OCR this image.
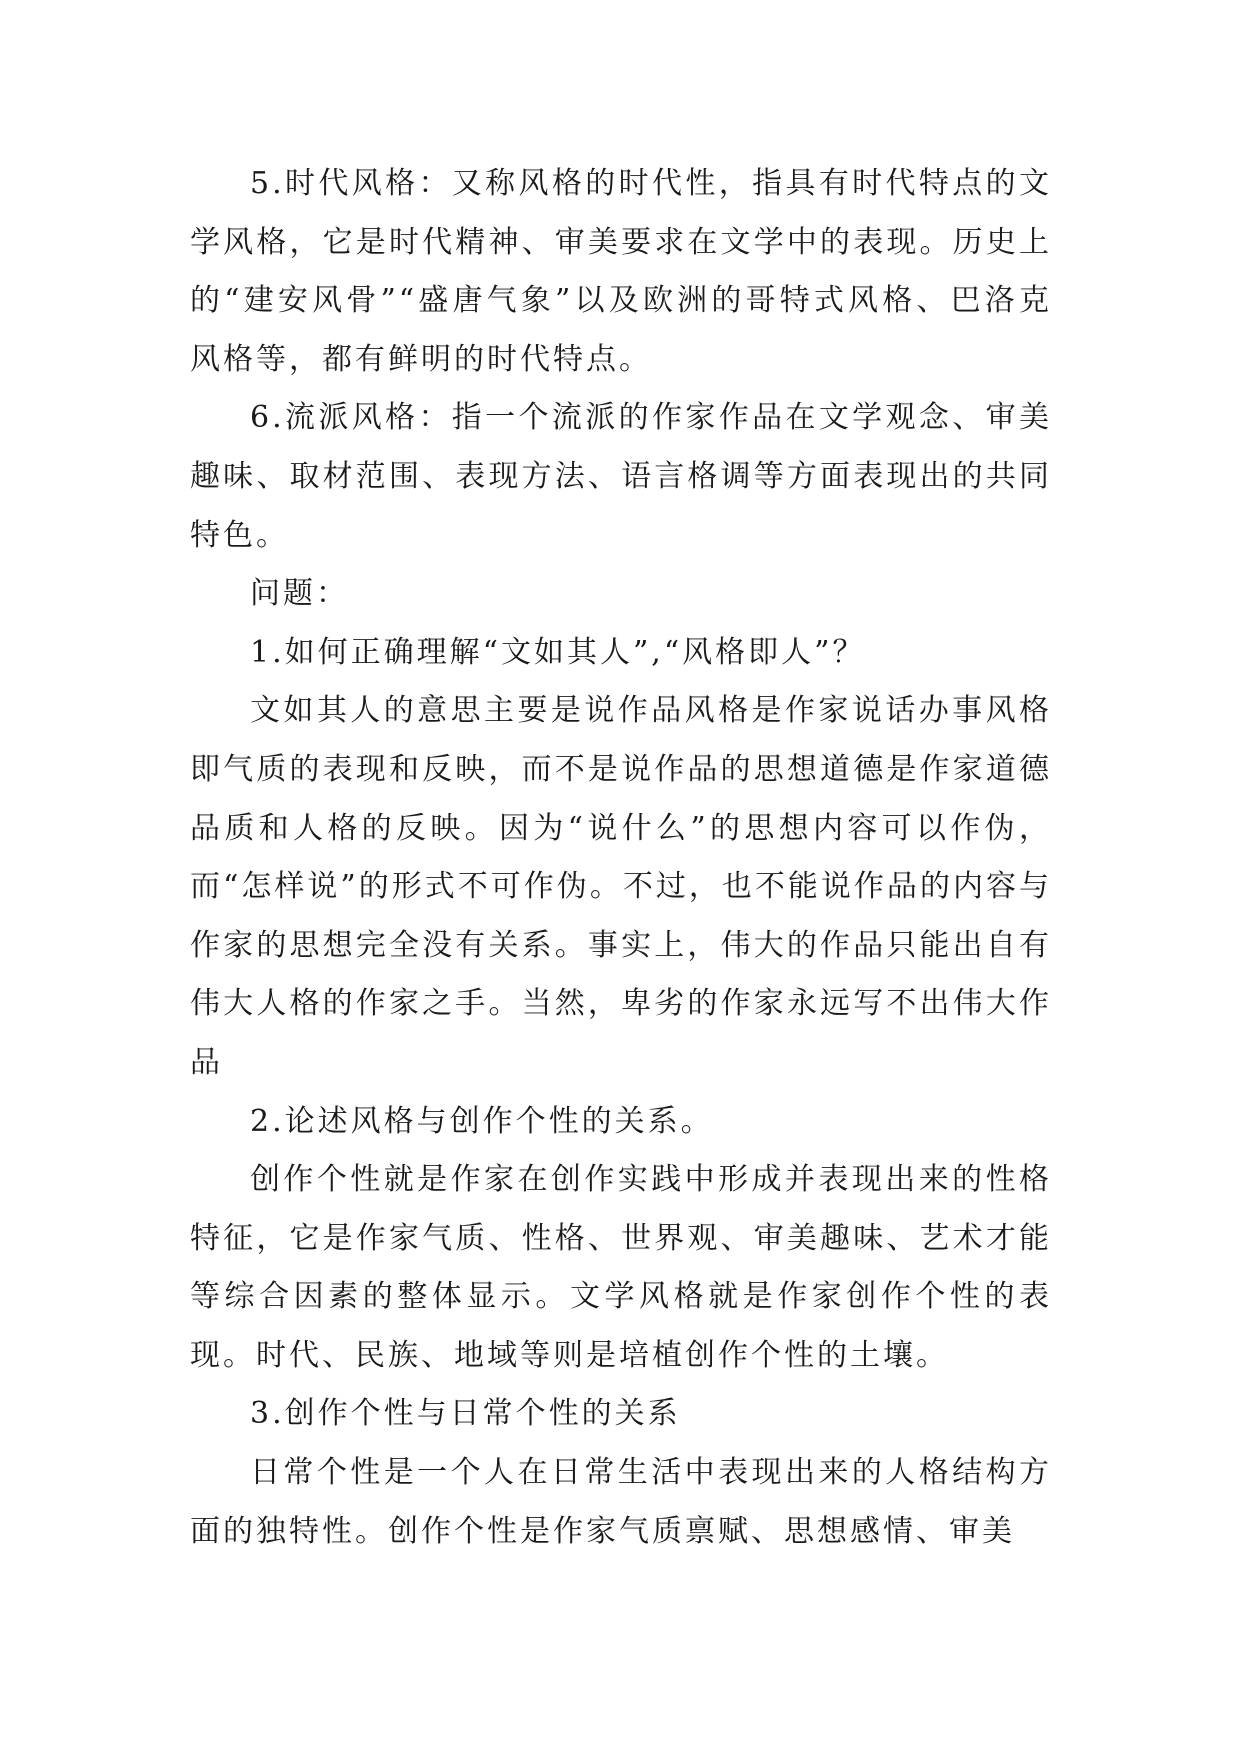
5.时代风格：又称风格的时代性，指具有时代特点的文学风格，它是时代精神、审美要求在文学中的表现。历史上的“建安风骨”“盛唐气象”以及欧洲的哥特式风格、巴洛克风格等，都有鲜明的时代特点。

6.流派风格：指一个流派的作家作品在文学观念、审美趣味、取材范围、表现方法、语言格调等方面表现出的共同特色。

问题：

1.如何正确理解“文如其人”,“风格即人”？

文如其人的意思主要是说作品风格是作家说话办事风格即气质的表现和反映，而不是说作品的思想道德是作家道德品质和人格的反映。因为“说什么”的思想内容可以作伪，而“怎样说”的形式不可作伪。不过，也不能说作品的内容与作家的思想完全没有关系。事实上，伟大的作品只能出自有伟大人格的作家之手。当然，卑劣的作家永远写不出伟大作品

2.论述风格与创作个性的关系。

创作个性就是作家在创作实践中形成并表现出来的性格特征，它是作家气质、性格、世界观、审美趣味、艺术才能等综合因素的整体显示。文学风格就是作家创作个性的表现。时代、民族、地域等则是培植创作个性的土壤。

3.创作个性与日常个性的关系

日常个性是一个人在日常生活中表现出来的人格结构方面的独特性。创作个性是作家气质禀赋、思想感情、审美
